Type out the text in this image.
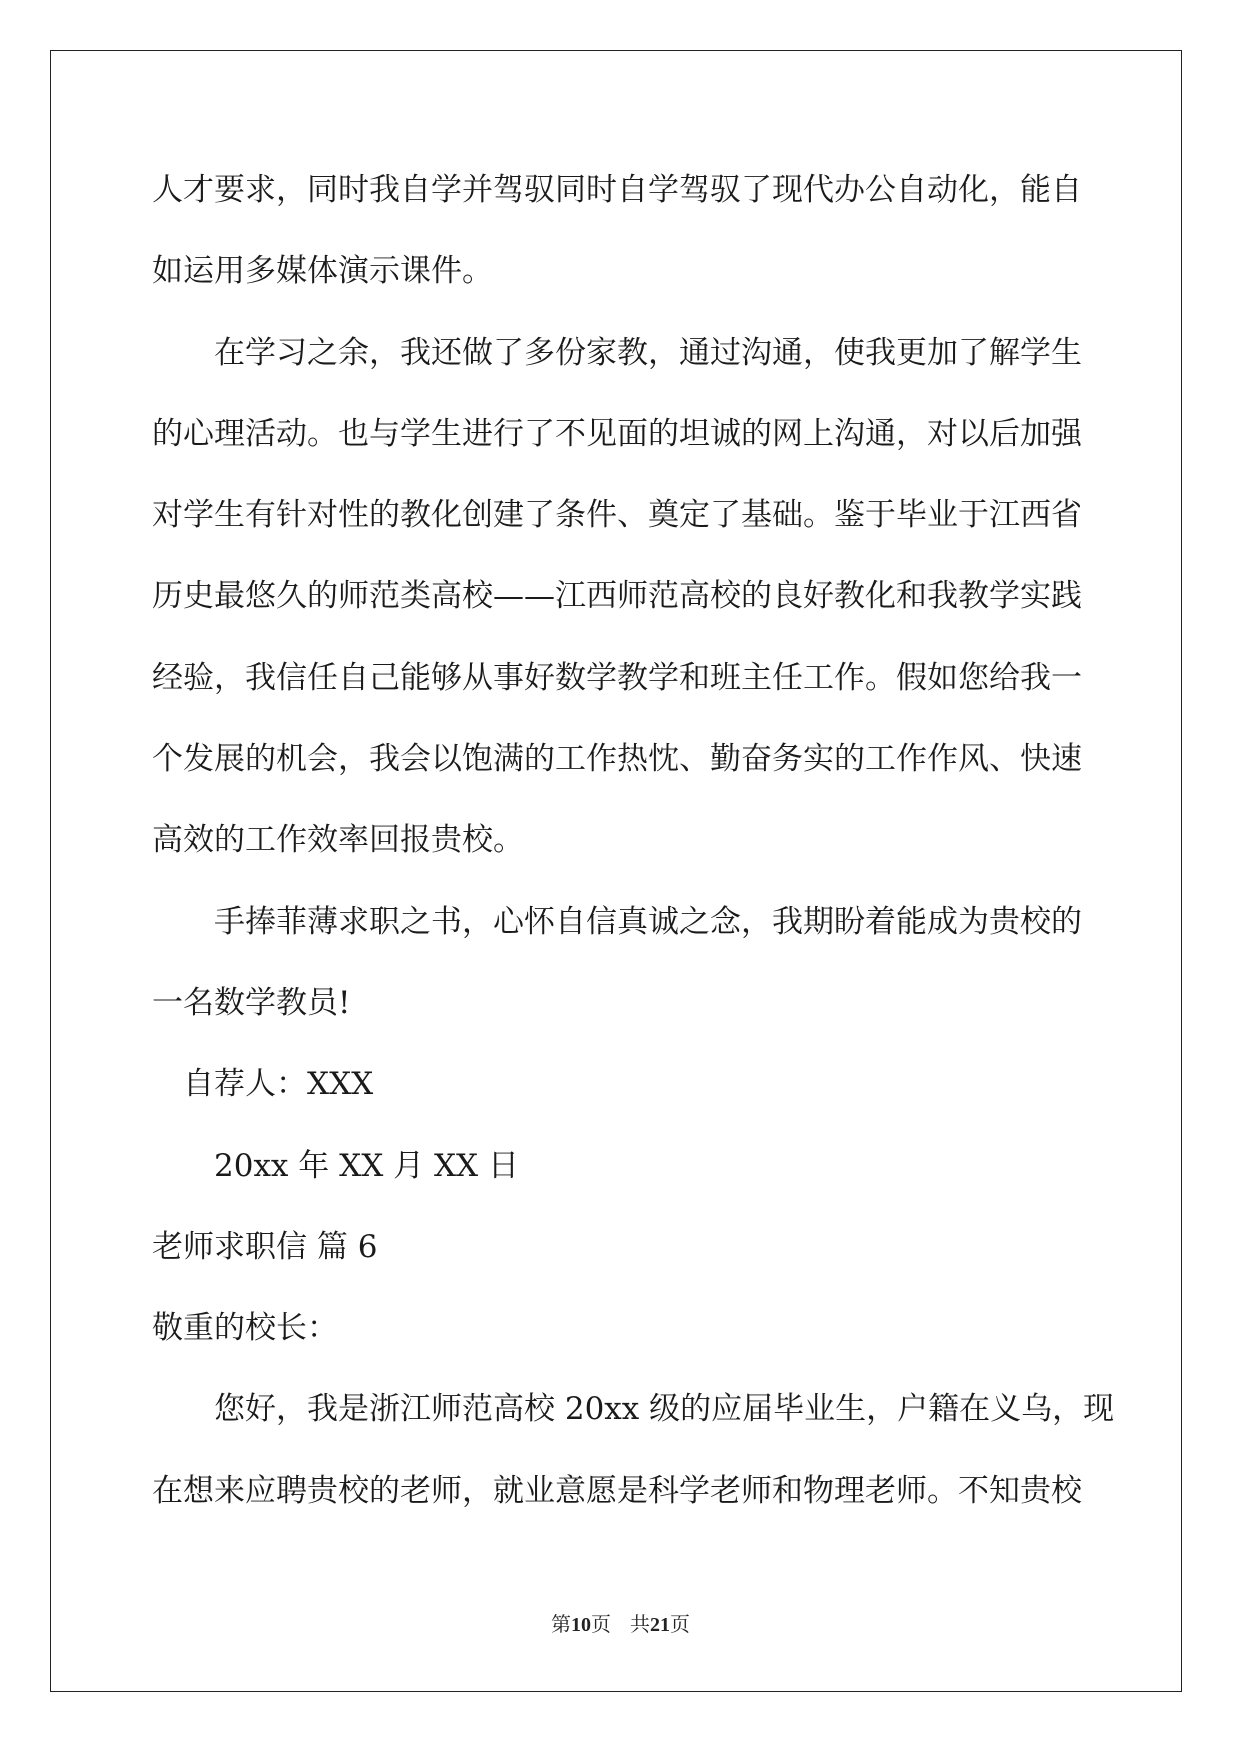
人才要求，同时我自学并驾驭同时自学驾驭了现代办公自动化，能自
如运用多媒体演示课件。
在学习之余，我还做了多份家教，通过沟通，使我更加了解学生
的心理活动。也与学生进行了不见面的坦诚的网上沟通，对以后加强
对学生有针对性的教化创建了条件、奠定了基础。鉴于毕业于江西省
历史最悠久的师范类高校——江西师范高校的良好教化和我教学实践
经验，我信任自己能够从事好数学教学和班主任工作。假如您给我一
个发展的机会，我会以饱满的工作热忱、勤奋务实的工作作风、快速
高效的工作效率回报贵校。
手捧菲薄求职之书，心怀自信真诚之念，我期盼着能成为贵校的
一名数学教员!
自荐人：XXX
20xx 年 XX 月 XX 日
老师求职信 篇 6
敬重的校长：
您好，我是浙江师范高校 20xx 级的应届毕业生，户籍在义乌，现
在想来应聘贵校的老师，就业意愿是科学老师和物理老师。不知贵校
第10页   共21页
